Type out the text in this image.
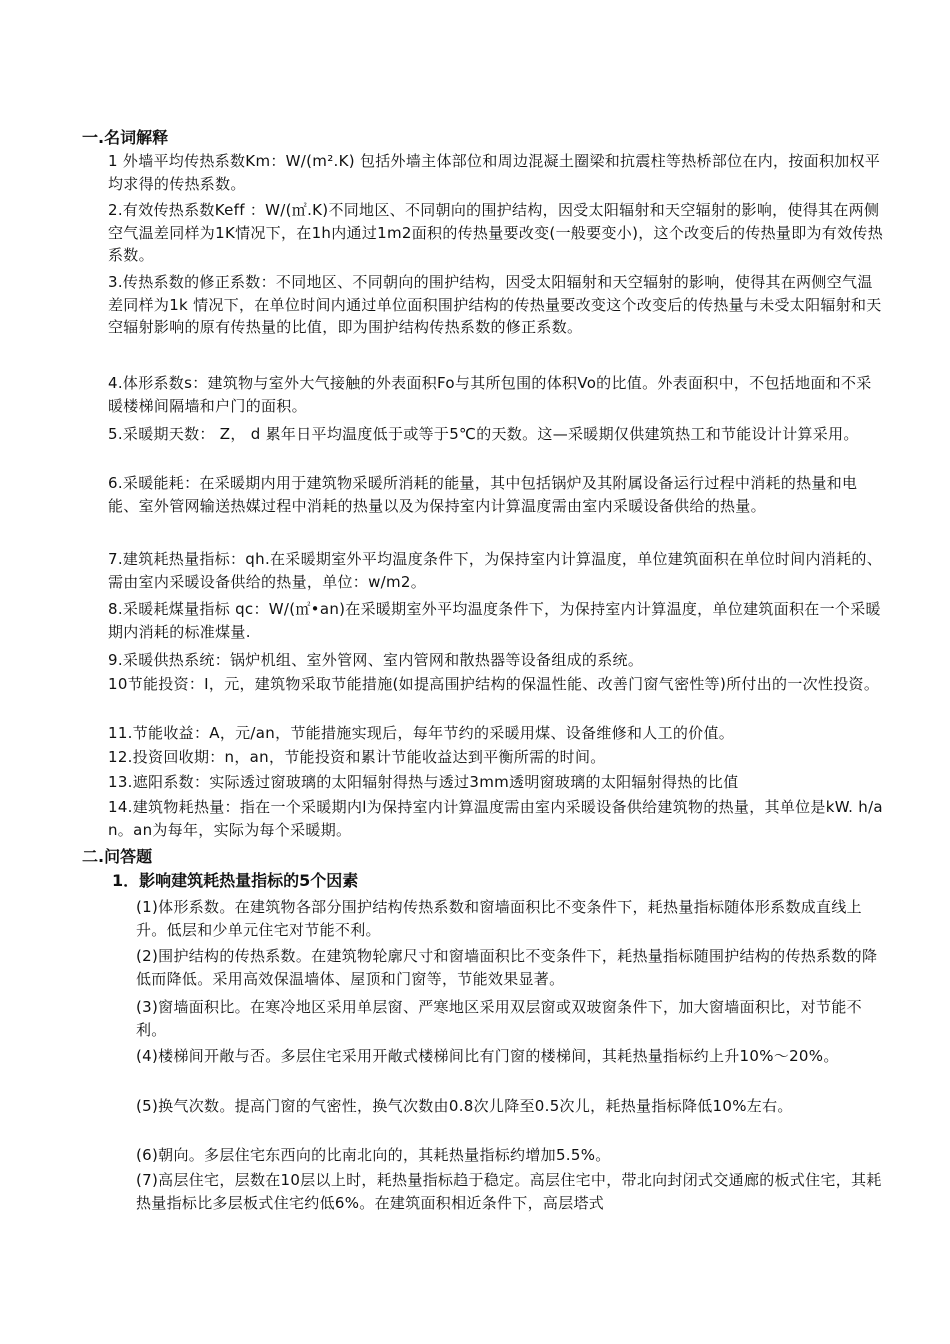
一.名词解释
1 外墙平均传热系数Km：W/(m².K) 包括外墙主体部位和周边混凝土圈梁和抗震柱等热桥部位在内，按面积加权平均求得的传热系数。
2.有效传热系数Keff ：W/(㎡.K)不同地区、不同朝向的围护结构，因受太阳辐射和天空辐射的影响，使得其在两侧空气温差同样为1K情况下，在1h内通过1m2面积的传热量要改变(一般要变小)，这个改变后的传热量即为有效传热系数。
3.传热系数的修正系数：不同地区、不同朝向的围护结构，因受太阳辐射和天空辐射的影响，使得其在两侧空气温差同样为1k 情况下，在单位时间内通过单位面积围护结构的传热量要改变这个改变后的传热量与未受太阳辐射和天空辐射影响的原有传热量的比值，即为围护结构传热系数的修正系数。
4.体形系数s：建筑物与室外大气接触的外表面积Fo与其所包围的体积Vo的比值。外表面积中，不包括地面和不采暖楼梯间隔墙和户门的面积。
5.采暖期天数： Z， d 累年日平均温度低于或等于5℃的天数。这—采暖期仅供建筑热工和节能设计计算采用。
6.采暖能耗：在采暖期内用于建筑物采暖所消耗的能量，其中包括锅炉及其附属设备运行过程中消耗的热量和电能、室外管网输送热媒过程中消耗的热量以及为保持室内计算温度需由室内采暖设备供给的热量。
7.建筑耗热量指标：qh.在采暖期室外平均温度条件下，为保持室内计算温度，单位建筑面积在单位时间内消耗的、需由室内采暖设备供给的热量，单位：w/m2。
8.采暖耗煤量指标 qc：W/(㎡•an)在采暖期室外平均温度条件下，为保持室内计算温度，单位建筑面积在一个采暖期内消耗的标准煤量.
9.采暖供热系统：锅炉机组、室外管网、室内管网和散热器等设备组成的系统。
10节能投资：I，元，建筑物采取节能措施(如提高围护结构的保温性能、改善门窗气密性等)所付出的一次性投资。
11.节能收益：A，元/an，节能措施实现后，每年节约的采暖用煤、设备维修和人工的价值。
12.投资回收期：n，an，节能投资和累计节能收益达到平衡所需的时间。
13.遮阳系数：实际透过窗玻璃的太阳辐射得热与透过3mm透明窗玻璃的太阳辐射得热的比值
14.建筑物耗热量：指在一个采暖期内l为保持室内计算温度需由室内采暖设备供给建筑物的热量，其单位是kW. h/an。an为每年，实际为每个采暖期。
二.问答题
1．影响建筑耗热量指标的5个因素
(1)体形系数。在建筑物各部分围护结构传热系数和窗墙面积比不变条件下，耗热量指标随体形系数成直线上升。低层和少单元住宅对节能不利。
(2)围护结构的传热系数。在建筑物轮廓尺寸和窗墙面积比不变条件下，耗热量指标随围护结构的传热系数的降低而降低。采用高效保温墙体、屋顶和门窗等，节能效果显著。
(3)窗墙面积比。在寒冷地区采用单层窗、严寒地区采用双层窗或双玻窗条件下，加大窗墙面积比，对节能不利。
(4)楼梯间开敞与否。多层住宅采用开敞式楼梯间比有门窗的楼梯间，其耗热量指标约上升10%～20%。
(5)换气次数。提高门窗的气密性，换气次数由0.8次儿降至0.5次儿，耗热量指标降低10%左右。
(6)朝向。多层住宅东西向的比南北向的，其耗热量指标约增加5.5%。
(7)高层住宅，层数在10层以上时，耗热量指标趋于稳定。高层住宅中，带北向封闭式交通廊的板式住宅，其耗热量指标比多层板式住宅约低6%。在建筑面积相近条件下，高层塔式
